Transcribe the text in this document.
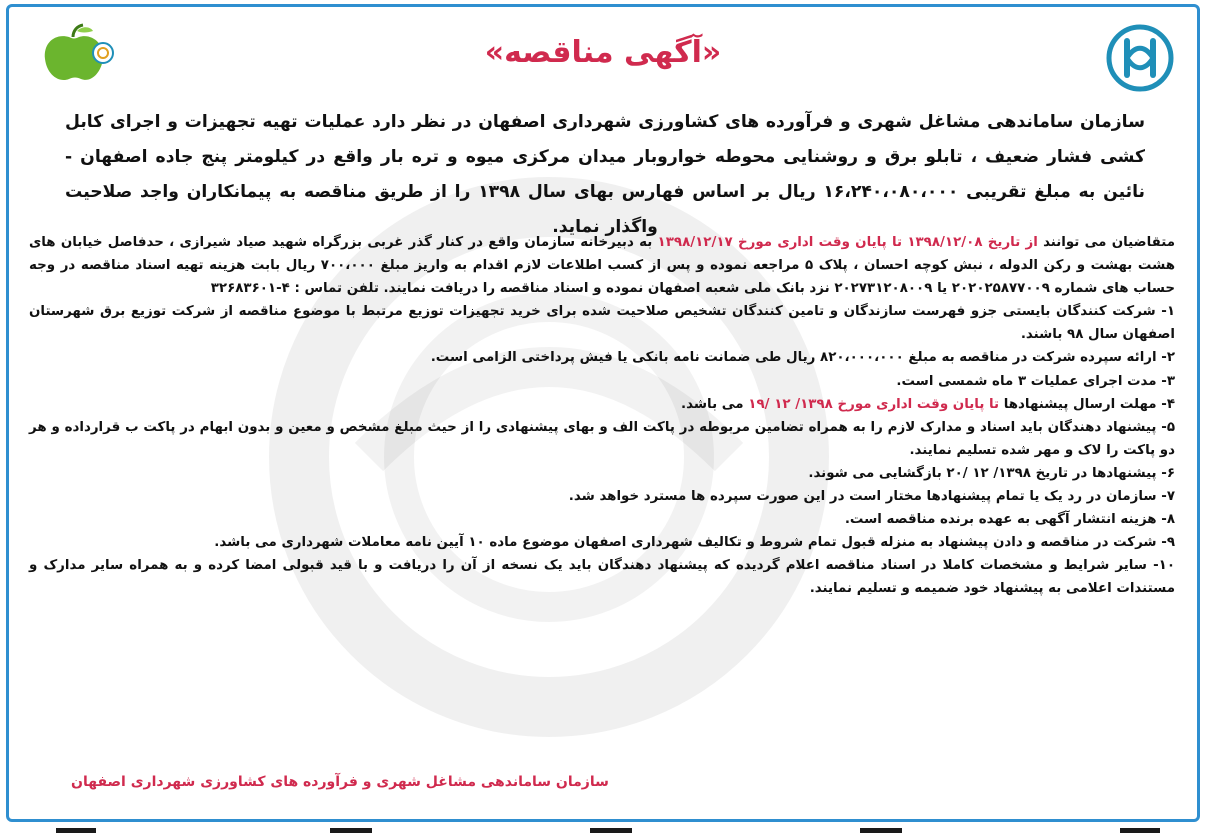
«آگهی مناقصه»

سازمان ساماندهی مشاغل شهری و فرآورده های کشاورزی شهرداری اصفهان در نظر دارد عملیات تهیه تجهیزات و اجرای کابل کشی فشار ضعیف ، تابلو برق و روشنایی محوطه خواروبار میدان مرکزی میوه و تره بار واقع در کیلومتر پنج جاده اصفهان - نائین به مبلغ تقریبی ۱۶،۲۴۰،۰۸۰،۰۰۰ ریال بر اساس فهارس بهای سال ۱۳۹۸ را از طریق مناقصه به پیمانکاران واجد صلاحیت واگذار نماید.

متقاضیان می توانند از تاریخ ۱۳۹۸/۱۲/۰۸ تا پایان وقت اداری مورخ ۱۳۹۸/۱۲/۱۷ به دبیرخانه سازمان واقع در کنار گذر غربی بزرگراه شهید صیاد شیرازی ، حدفاصل خیابان های هشت بهشت و رکن الدوله ، نبش کوچه احسان ، پلاک ۵ مراجعه نموده و پس از کسب اطلاعات لازم اقدام به واریز مبلغ ۷۰۰،۰۰۰ ریال بابت هزینه تهیه اسناد مناقصه در وجه حساب های شماره ۲۰۲۰۲۵۸۷۷۰۰۹ یا ۲۰۲۷۳۱۲۰۸۰۰۹ نزد بانک ملی شعبه اصفهان نموده و اسناد مناقصه را دریافت نمایند. تلفن تماس : ۴-۳۲۶۸۳۶۰۱

۱- شرکت کنندگان بایستی جزو فهرست سازندگان و تامین کنندگان تشخیص صلاحیت شده برای خرید تجهیزات توزیع مرتبط با موضوع مناقصه از شرکت توزیع برق شهرستان اصفهان سال ۹۸ باشند.

۲- ارائه سپرده شرکت در مناقصه به مبلغ ۸۲۰،۰۰۰،۰۰۰ ریال طی ضمانت نامه بانکی یا فیش پرداختی الزامی است.

۳- مدت اجرای عملیات ۳ ماه شمسی است.

۴- مهلت ارسال پیشنهادها تا پایان وقت اداری مورخ ۱۳۹۸/ ۱۲ /۱۹ می باشد.

۵- پیشنهاد دهندگان باید اسناد و مدارک لازم را به همراه تضامین مربوطه در پاکت الف و بهای پیشنهادی را از حیث مبلغ مشخص و معین و بدون ابهام در پاکت ب قرارداده و هر دو پاکت را لاک و مهر شده تسلیم نمایند.

۶- پیشنهادها در تاریخ ۱۳۹۸/ ۱۲ /۲۰ بازگشایی می شوند.

۷- سازمان در رد یک یا تمام پیشنهادها مختار است در این صورت سپرده ها مسترد خواهد شد.

۸- هزینه انتشار آگهی به عهده برنده مناقصه است.

۹- شرکت در مناقصه و دادن پیشنهاد به منزله قبول تمام شروط و تکالیف شهرداری اصفهان موضوع ماده ۱۰ آیین نامه معاملات شهرداری می باشد.

۱۰- سایر شرایط و مشخصات کاملا در اسناد مناقصه اعلام گردیده که پیشنهاد دهندگان باید یک نسخه از آن را دریافت و با قید قبولی امضا کرده و به همراه سایر مدارک و مستندات اعلامی به پیشنهاد خود ضمیمه و تسلیم نمایند.

سازمان ساماندهی مشاغل شهری و فرآورده های کشاورزی شهرداری اصفهان
